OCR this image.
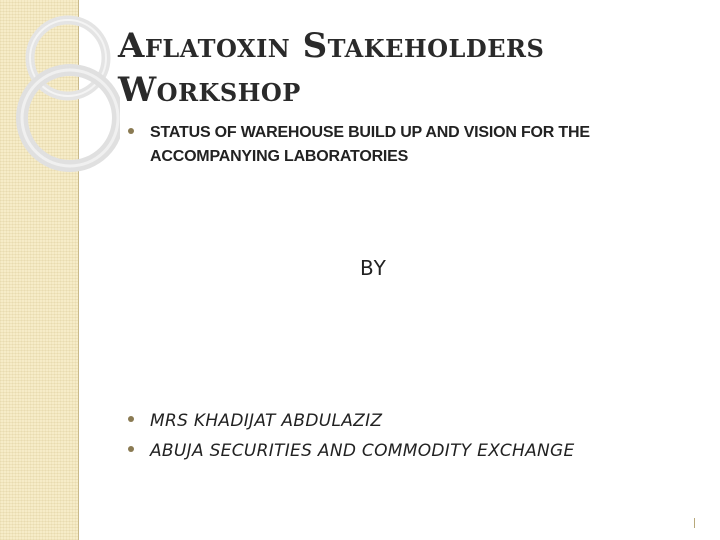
Aflatoxin Stakeholders Workshop
STATUS OF WAREHOUSE BUILD UP AND VISION FOR THE ACCOMPANYING LABORATORIES
BY
MRS KHADIJAT ABDULAZIZ
ABUJA SECURITIES AND COMMODITY EXCHANGE
